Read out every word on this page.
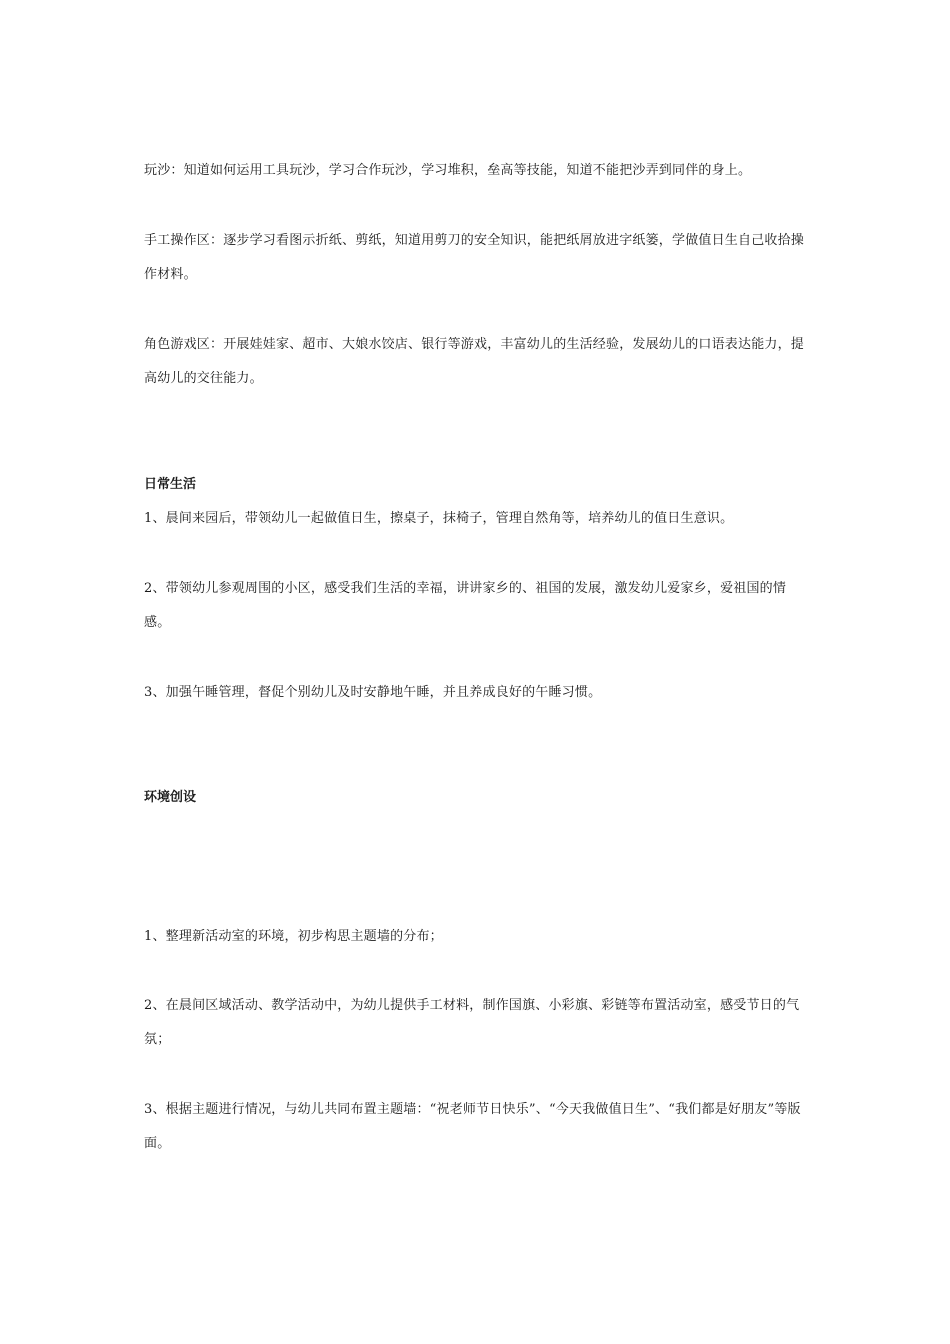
玩沙：知道如何运用工具玩沙，学习合作玩沙，学习堆积，垒高等技能，知道不能把沙弄到同伴的身上。

手工操作区：逐步学习看图示折纸、剪纸，知道用剪刀的安全知识，能把纸屑放进字纸篓，学做值日生自己收拾操作材料。

角色游戏区：开展娃娃家、超市、大娘水饺店、银行等游戏，丰富幼儿的生活经验，发展幼儿的口语表达能力，提高幼儿的交往能力。

日常生活

1、晨间来园后，带领幼儿一起做值日生，擦桌子，抹椅子，管理自然角等，培养幼儿的值日生意识。

2、带领幼儿参观周围的小区，感受我们生活的幸福，讲讲家乡的、祖国的发展，激发幼儿爱家乡，爱祖国的情感。

3、加强午睡管理，督促个别幼儿及时安静地午睡，并且养成良好的午睡习惯。

环境创设

1、整理新活动室的环境，初步构思主题墙的分布；

2、在晨间区域活动、教学活动中，为幼儿提供手工材料，制作国旗、小彩旗、彩链等布置活动室，感受节日的气氛；

3、根据主题进行情况，与幼儿共同布置主题墙：“祝老师节日快乐”、“今天我做值日生”、“我们都是好朋友”等版面。
